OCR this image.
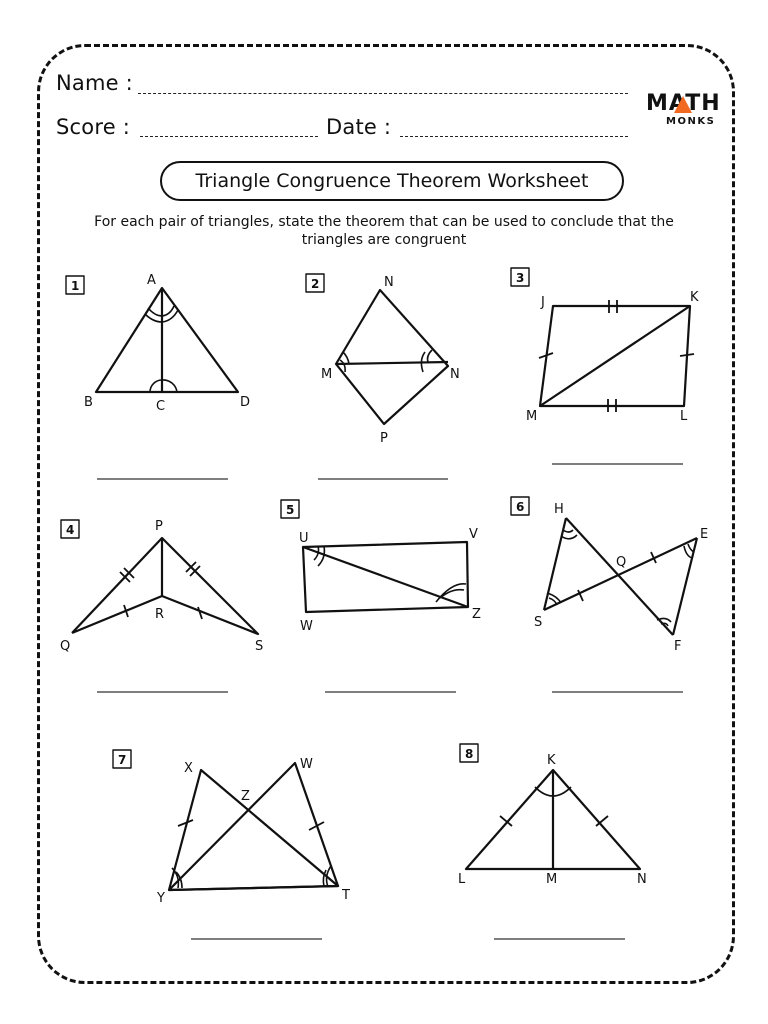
Name :
Score :	Date :
MATH
MONKS
Triangle Congruence Theorem Worksheet
For each pair of triangles, state the theorem that can be used to conclude that the triangles are congruent
1	2	3
4
5	6
7	8
A
B	C	D
N
M	N
P
J	K
M	L
P
Q
R
S
U	V
W
Z
H
E
Q
S
F
X	W
Z
Y	T
K
L	M	N
